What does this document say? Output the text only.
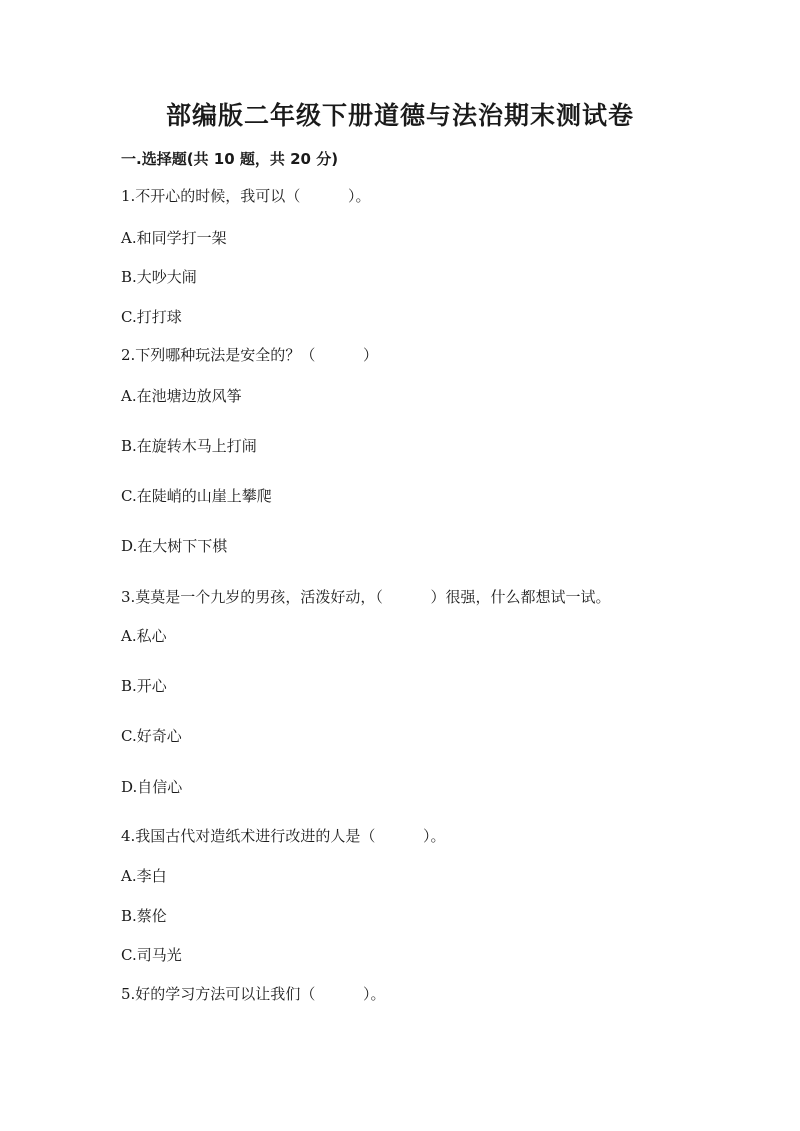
部编版二年级下册道德与法治期末测试卷
一.选择题(共 10 题，共 20 分)
1.不开心的时候，我可以（          ）。
A.和同学打一架
B.大吵大闹
C.打打球
2.下列哪种玩法是安全的？（          ）
A.在池塘边放风筝
B.在旋转木马上打闹
C.在陡峭的山崖上攀爬
D.在大树下下棋
3.莫莫是一个九岁的男孩，活泼好动，（          ）很强，什么都想试一试。
A.私心
B.开心
C.好奇心
D.自信心
4.我国古代对造纸术进行改进的人是（          ）。
A.李白
B.蔡伦
C.司马光
5.好的学习方法可以让我们（          ）。
